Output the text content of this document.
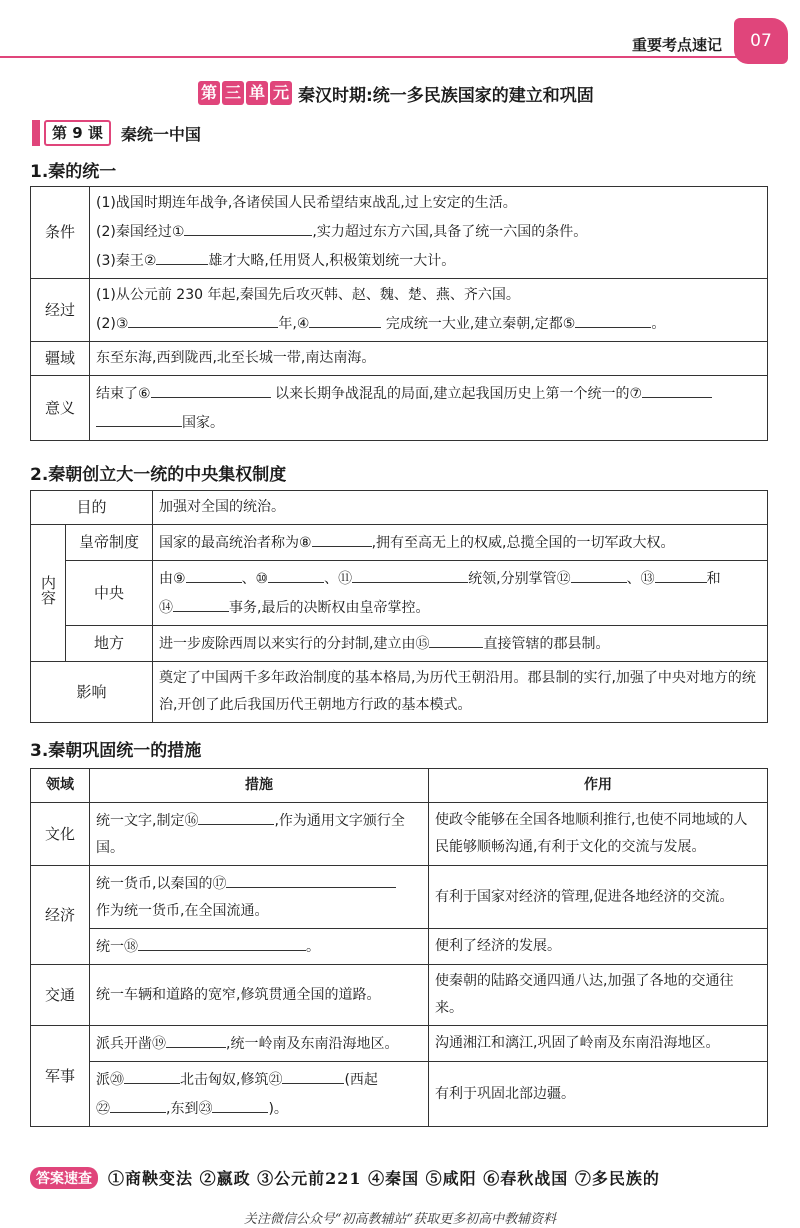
重要考点速记	07
第 三 单 元 秦汉时期:统一多民族国家的建立和巩固
第 9 课	秦统一中国
1.秦的统一
条件	(1)战国时期连年战争,各诸侯国人民希望结束战乱,过上安定的生活。
(2)秦国经过① ,实力超过东方六国,具备了统一六国的条件。
(3)秦王② 雄才大略,任用贤人,积极策划统一大计。

经过	(1)从公元前 230 年起,秦国先后攻灭韩、赵、魏、楚、燕、齐六国。
(2)③ 年,④ 完成统一大业,建立秦朝,定都⑤ 。

疆域	东至东海,西到陇西,北至长城一带,南达南海。
意义	结束了⑥ 以来长期争战混乱的局面,建立起我国历史上第一个统一的⑦
国家。
2.秦朝创立大一统的中央集权制度
目的		加强对全国的统治。
内容	皇帝制度	国家的最高统治者称为⑧ ,拥有至高无上的权威,总揽全国的一切军政大权。
	中央	由⑨ 、⑩ 、⑪ 统领,分别掌管⑫ 、⑬ 和
⑭ 事务,最后的决断权由皇帝掌控。
	地方	进一步废除西周以来实行的分封制,建立由⑮ 直接管辖的郡县制。
影响		奠定了中国两千多年政治制度的基本格局,为历代王朝沿用。郡县制的实行,加强了中央对地方的统治,开创了此后我国历代王朝地方行政的基本模式。
3.秦朝巩固统一的措施
领域	措施	作用
文化	统一文字,制定⑯ ,作为通用文字颁行全国。	使政令能够在全国各地顺利推行,也使不同地域的人民能够顺畅沟通,有利于文化的交流与发展。
经济	统一货币,以秦国的⑰
作为统一货币,在全国流通。	有利于国家对经济的管理,促进各地经济的交流。
	统一⑱ 。	便利了经济的发展。
交通	统一车辆和道路的宽窄,修筑贯通全国的道路。	使秦朝的陆路交通四通八达,加强了各地的交通往来。
军事	派兵开凿⑲ ,统一岭南及东南沿海地区。	沟通湘江和漓江,巩固了岭南及东南沿海地区。
	派⑳ 北击匈奴,修筑㉑ (西起
㉒ ,东到㉓ )。	有利于巩固北部边疆。
答案速查	①商鞅变法 ②嬴政 ③公元前221 ④秦国 ⑤咸阳 ⑥春秋战国 ⑦多民族的
关注微信公众号“初高教辅站”获取更多初高中教辅资料
